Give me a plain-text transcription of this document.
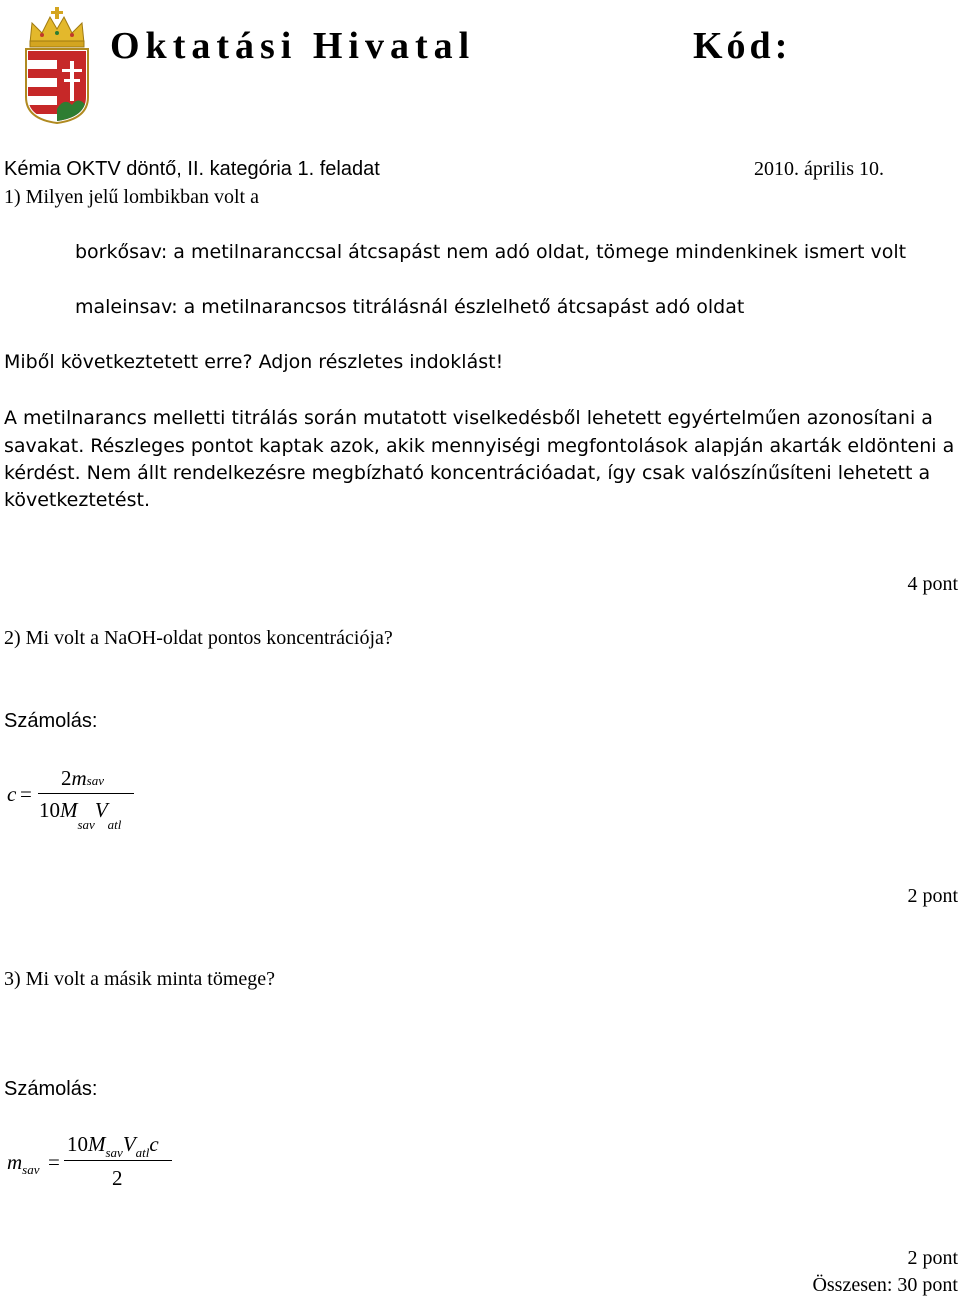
Oktatási Hivatal	Kód:
Kémia OKTV döntő, II. kategória 1. feladat	2010. április 10.
1) Milyen jelű lombikban volt a
borkősav: a metilnaranccsal átcsapást nem adó oldat, tömege mindenkinek ismert volt
maleinsav: a metilnarancsos titrálásnál észlelhető átcsapást adó oldat
Miből következtetett erre? Adjon részletes indoklást!
A metilnarancs melletti titrálás során mutatott viselkedésből lehetett egyértelműen azonosítani a
savakat. Részleges pontot kaptak azok, akik mennyiségi megfontolások alapján akarták eldönteni a
kérdést. Nem állt rendelkezésre megbízható koncentrációadat, így csak valószínűsíteni lehetett a
következtetést.
4 pont
2) Mi volt a NaOH-oldat pontos koncentrációja?
Számolás:
c =
2msav
$10M_{sav}V_{atl}$
2 pont
3) Mi volt a másik minta tömege?
Számolás:
$m_{sav}$ =
$10M_{sav}V_{atl}c$
2
2 pont
Összesen: 30 pont
